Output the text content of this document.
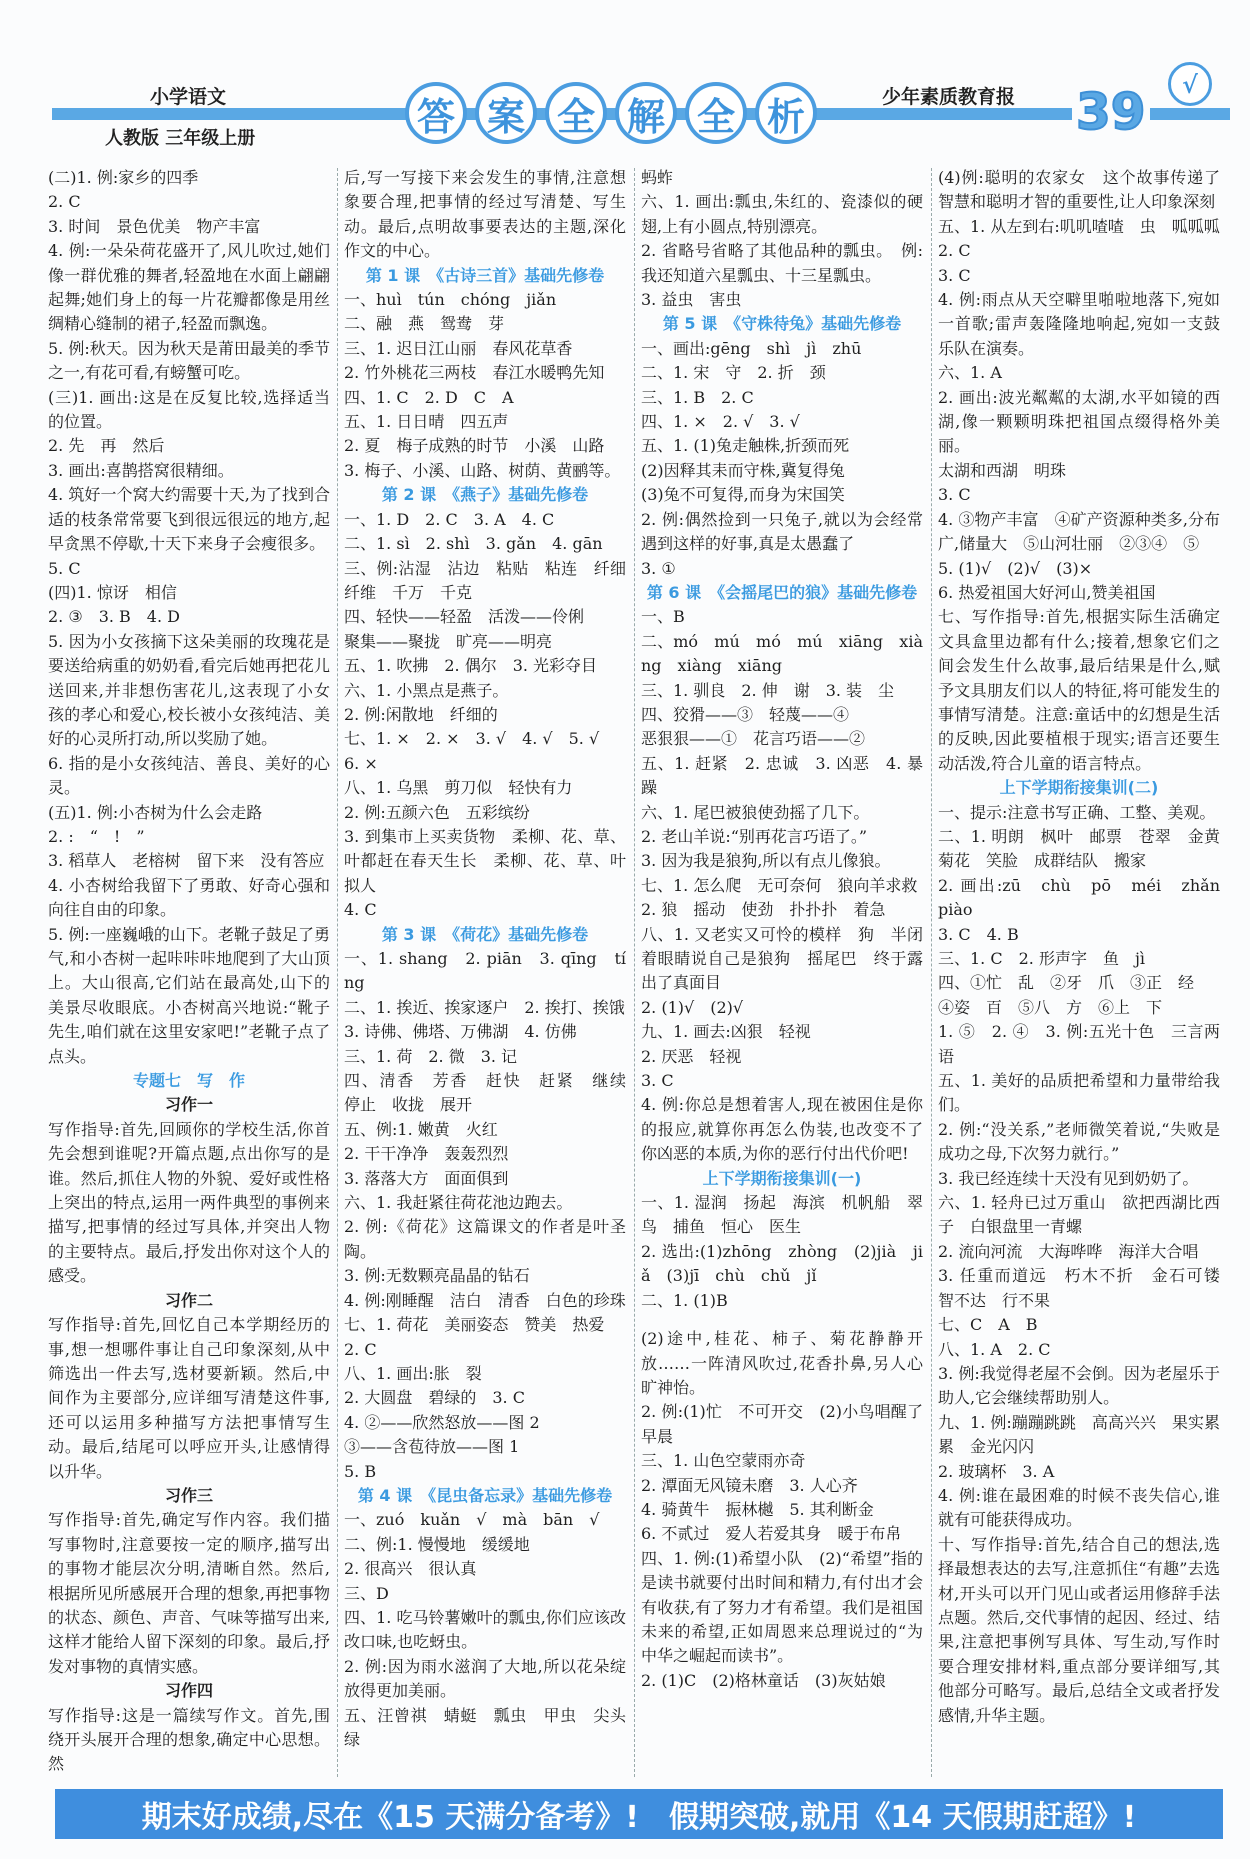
小学语文
人教版 三年级上册	答 案 全 解 全 析	少年素质教育报 39	√

(二)1. 例:家乡的四季

2. C

3. 时间　景色优美　物产丰富

4. 例:一朵朵荷花盛开了,风儿吹过,她们像一群优雅的舞者,轻盈地在水面上翩翩起舞;她们身上的每一片花瓣都像是用丝绸精心缝制的裙子,轻盈而飘逸。

5. 例:秋天。因为秋天是莆田最美的季节之一,有花可看,有螃蟹可吃。

(三)1. 画出:这是在反复比较,选择适当的位置。

2. 先　再　然后

3. 画出:喜鹊搭窝很精细。

4. 筑好一个窝大约需要十天,为了找到合适的枝条常常要飞到很远很远的地方,起早贪黑不停歇,十天下来身子会瘦很多。

5. C

(四)1. 惊讶　相信

2. ③　3. B　4. D

5. 因为小女孩摘下这朵美丽的玫瑰花是要送给病重的奶奶看,看完后她再把花儿送回来,并非想伤害花儿,这表现了小女孩的孝心和爱心,校长被小女孩纯洁、美好的心灵所打动,所以奖励了她。

6. 指的是小女孩纯洁、善良、美好的心灵。

(五)1. 例:小杏树为什么会走路

2. :　“　!　”

3. 稻草人　老榕树　留下来　没有答应

4. 小杏树给我留下了勇敢、好奇心强和向往自由的印象。

5. 例:一座巍峨的山下。老靴子鼓足了勇气,和小杏树一起咔咔咔地爬到了大山顶上。大山很高,它们站在最高处,山下的美景尽收眼底。小杏树高兴地说:“靴子先生,咱们就在这里安家吧!”老靴子点了点头。

专题七　写　作

习作一

写作指导:首先,回顾你的学校生活,你首先会想到谁呢?开篇点题,点出你写的是谁。然后,抓住人物的外貌、爱好或性格上突出的特点,运用一两件典型的事例来描写,把事情的经过写具体,并突出人物的主要特点。最后,抒发出你对这个人的感受。

习作二

写作指导:首先,回忆自己本学期经历的事,想一想哪件事让自己印象深刻,从中筛选出一件去写,选材要新颖。然后,中间作为主要部分,应详细写清楚这件事,还可以运用多种描写方法把事情写生动。最后,结尾可以呼应开头,让感情得以升华。

习作三

写作指导:首先,确定写作内容。我们描写事物时,注意要按一定的顺序,描写出的事物才能层次分明,清晰自然。然后,根据所见所感展开合理的想象,再把事物的状态、颜色、声音、气味等描写出来,这样才能给人留下深刻的印象。最后,抒发对事物的真情实感。

习作四

写作指导:这是一篇续写作文。首先,围绕开头展开合理的想象,确定中心思想。然

后,写一写接下来会发生的事情,注意想象要合理,把事情的经过写清楚、写生动。最后,点明故事要表达的主题,深化作文的中心。

第 1 课　《古诗三首》基础先修卷

一、huì　tún　chóng　jiǎn

二、融　燕　鸳鸯　芽

三、1. 迟日江山丽　春风花草香

2. 竹外桃花三两枝　春江水暖鸭先知

四、1. C　2. D　C　A

五、1. 日日晴　四五声

2. 夏　梅子成熟的时节　小溪　山路

3. 梅子、小溪、山路、树荫、黄鹂等。

第 2 课　《燕子》基础先修卷

一、1. D　2. C　3. A　4. C

二、1. sì　2. shì　3. gǎn　4. gān

三、例:沾湿　沾边　粘贴　粘连　纤细　纤维　千万　千克

四、轻快——轻盈　活泼——伶俐

聚集——聚拢　旷亮——明亮

五、1. 吹拂　2. 偶尔　3. 光彩夺目

六、1. 小黑点是燕子。

2. 例:闲散地　纤细的

七、1. ×　2. ×　3. √　4. √　5. √

6. ×

八、1. 乌黑　剪刀似　轻快有力

2. 例:五颜六色　五彩缤纷

3. 到集市上买卖货物　柔柳、花、草、叶都赶在春天生长　柔柳、花、草、叶　拟人

4. C

第 3 课　《荷花》基础先修卷

一、1. shang　2. piān　3. qīng　tíng

二、1. 挨近、挨家逐户　2. 挨打、挨饿

3. 诗佛、佛塔、万佛湖　4. 仿佛

三、1. 荷　2. 微　3. 记

四、清香　芳香　赶快　赶紧　继续　停止　收拢　展开

五、例:1. 嫩黄　火红

2. 干干净净　轰轰烈烈

3. 落落大方　面面俱到

六、1. 我赶紧往荷花池边跑去。

2. 例:《荷花》这篇课文的作者是叶圣陶。

3. 例:无数颗亮晶晶的钻石

4. 例:刚睡醒　洁白　清香　白色的珍珠

七、1. 荷花　美丽姿态　赞美　热爱

2. C

八、1. 画出:胀　裂

2. 大圆盘　碧绿的　3. C

4. ②——欣然怒放——图 2

③——含苞待放——图 1

5. B

第 4 课　《昆虫备忘录》基础先修卷

一、zuó　kuǎn　√　mà　bān　√

二、例:1. 慢慢地　缓缓地

2. 很高兴　很认真

三、D

四、1. 吃马铃薯嫩叶的瓢虫,你们应该改改口味,也吃蚜虫。

2. 例:因为雨水滋润了大地,所以花朵绽放得更加美丽。

五、汪曾祺　蜻蜓　瓢虫　甲虫　尖头绿

蚂蚱

六、1. 画出:瓢虫,朱红的、瓷漆似的硬翅,上有小圆点,特别漂亮。

2. 省略号省略了其他品种的瓢虫。　例:我还知道六星瓢虫、十三星瓢虫。

3. 益虫　害虫

第 5 课　《守株待兔》基础先修卷

一、画出:gēng　shì　jì　zhū

二、1. 宋　守　2. 折　颈

三、1. B　2. C

四、1. ×　2. √　3. √

五、1. (1)兔走触株,折颈而死

(2)因释其耒而守株,冀复得兔

(3)兔不可复得,而身为宋国笑

2. 例:偶然捡到一只兔子,就以为会经常遇到这样的好事,真是太愚蠢了

3. ①

第 6 课　《会摇尾巴的狼》基础先修卷

一、B

二、mó　mú　mó　mú　xiāng　xiàng　xiàng　xiāng

三、1. 驯良　2. 伸　谢　3. 装　尘

四、狡猾——③　轻蔑——④

恶狠狠——①　花言巧语——②

五、1. 赶紧　2. 忠诚　3. 凶恶　4. 暴躁

六、1. 尾巴被狼使劲摇了几下。

2. 老山羊说:“别再花言巧语了。”

3. 因为我是狼狗,所以有点儿像狼。

七、1. 怎么爬　无可奈何　狼向羊求救

2. 狼　摇动　使劲　扑扑扑　着急

八、1. 又老实又可怜的模样　狗　半闭着眼睛说自己是狼狗　摇尾巴　终于露出了真面目

2. (1)√　(2)√

九、1. 画去:凶狠　轻视

2. 厌恶　轻视

3. C

4. 例:你总是想着害人,现在被困住是你的报应,就算你再怎么伪装,也改变不了你凶恶的本质,为你的恶行付出代价吧!

上下学期衔接集训(一)

一、1. 湿润　扬起　海滨　机帆船　翠鸟　捕鱼　恒心　医生

2. 选出:(1)zhōng　zhòng　(2)jià　jiǎ　(3)jī　chù　chǔ　jǐ

二、1. (1)B

(2)途中,桂花、柿子、菊花静静开放……一阵清风吹过,花香扑鼻,另人心旷神怡。

2. 例:(1)忙　不可开交　(2)小鸟唱醒了早晨

三、1. 山色空蒙雨亦奇

2. 潭面无风镜未磨　3. 人心齐

4. 骑黄牛　振林樾　5. 其利断金

6. 不贰过　爱人若爱其身　暖于布帛

四、1. 例:(1)希望小队　(2)“希望”指的是读书就要付出时间和精力,有付出才会有收获,有了努力才有希望。我们是祖国未来的希望,正如周恩来总理说过的“为中华之崛起而读书”。

2. (1)C　(2)格林童话　(3)灰姑娘

(4)例:聪明的农家女　这个故事传递了智慧和聪明才智的重要性,让人印象深刻

五、1. 从左到右:叽叽喳喳　虫　呱呱呱

2. C

3. C

4. 例:雨点从天空噼里啪啦地落下,宛如一首歌;雷声轰隆隆地响起,宛如一支鼓乐队在演奏。

六、1. A

2. 画出:波光粼粼的太湖,水平如镜的西湖,像一颗颗明珠把祖国点缀得格外美丽。

太湖和西湖　明珠

3. C

4. ③物产丰富　④矿产资源种类多,分布广,储量大　⑤山河壮丽　②③④　⑤

5. (1)√　(2)√　(3)×

6. 热爱祖国大好河山,赞美祖国

七、写作指导:首先,根据实际生活确定文具盒里边都有什么;接着,想象它们之间会发生什么故事,最后结果是什么,赋予文具朋友们以人的特征,将可能发生的事情写清楚。注意:童话中的幻想是生活的反映,因此要植根于现实;语言还要生动活泼,符合儿童的语言特点。

上下学期衔接集训(二)

一、提示:注意书写正确、工整、美观。

二、1. 明朗　枫叶　邮票　苍翠　金黄　菊花　笑脸　成群结队　搬家

2. 画出:zū　chù　pō　méi　zhǎn　piào

3. C　4. B

三、1. C　2. 形声字　鱼　jì

四、①忙　乱　②牙　爪　③正　经

④姿　百　⑤八　方　⑥上　下

1. ⑤　2. ④　3. 例:五光十色　三言两语

五、1. 美好的品质把希望和力量带给我们。

2. 例:“没关系,”老师微笑着说,“失败是成功之母,下次努力就行。”

3. 我已经连续十天没有见到奶奶了。

六、1. 轻舟已过万重山　欲把西湖比西子　白银盘里一青螺

2. 流向河流　大海哗哗　海洋大合唱

3. 任重而道远　朽木不折　金石可镂　智不达　行不果

七、C　A　B

八、1. A　2. C

3. 例:我觉得老屋不会倒。因为老屋乐于助人,它会继续帮助别人。

九、1. 例:蹦蹦跳跳　高高兴兴　果实累累　金光闪闪

2. 玻璃杯　3. A

4. 例:谁在最困难的时候不丧失信心,谁就有可能获得成功。

十、写作指导:首先,结合自己的想法,选择最想表达的去写,注意抓住“有趣”去选材,开头可以开门见山或者运用修辞手法点题。然后,交代事情的起因、经过、结果,注意把事例写具体、写生动,写作时要合理安排材料,重点部分要详细写,其他部分可略写。最后,总结全文或者抒发感情,升华主题。

期末好成绩,尽在《15 天满分备考》!　假期突破,就用《14 天假期赶超》!
